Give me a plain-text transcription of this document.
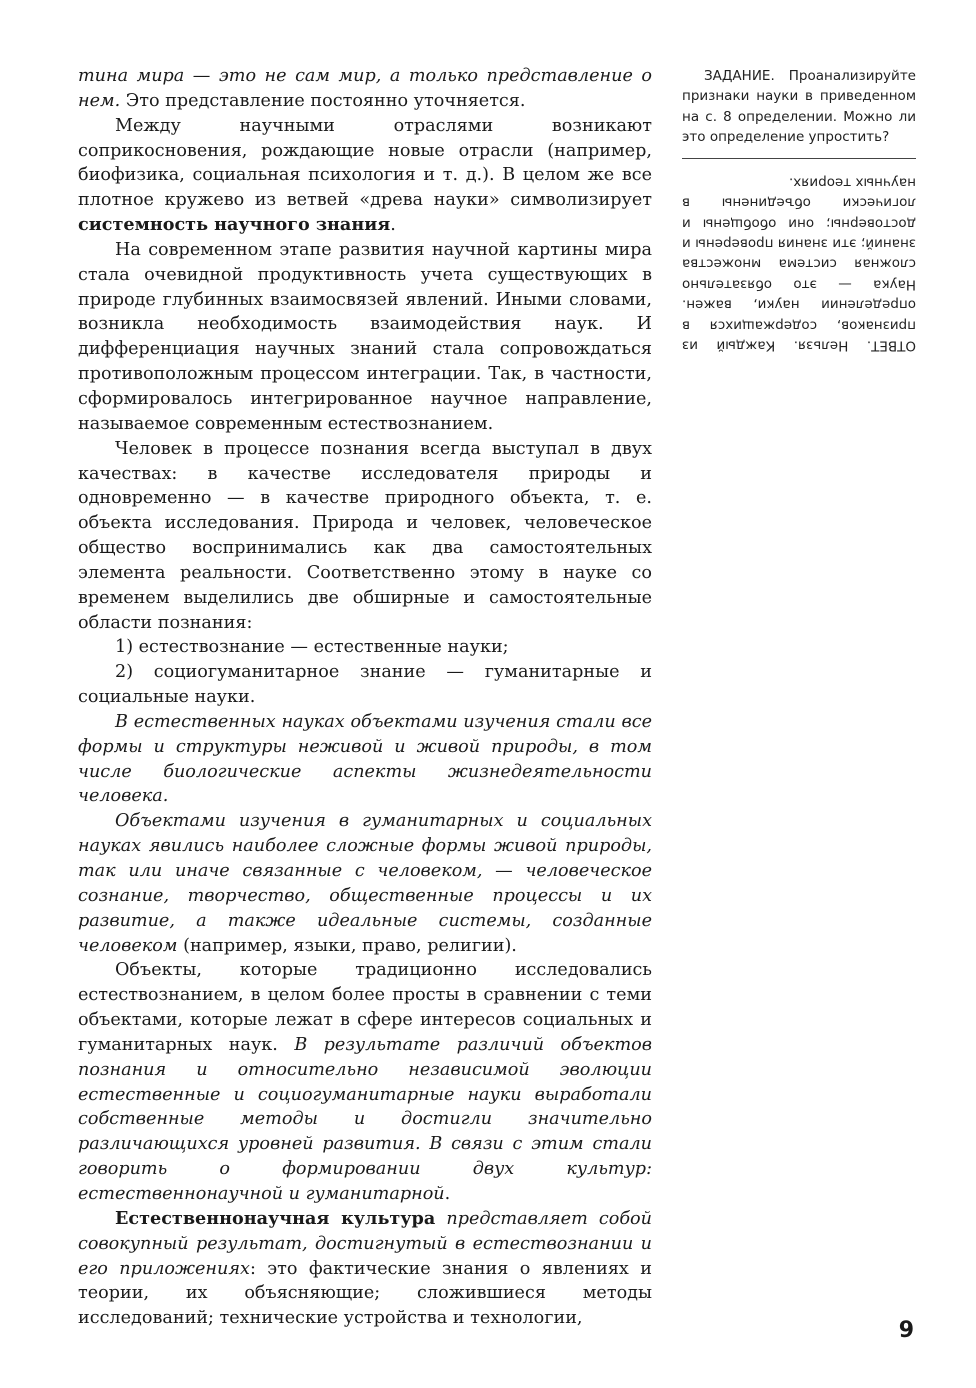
тина мира — это не сам мир, а только представление о нем. Это представление постоянно уточняется.

Между научными отраслями возникают соприкосновения, рождающие новые отрасли (например, биофизика, социальная психология и т. д.). В целом же все плотное кружево из ветвей «древа науки» символизирует системность научного знания.

На современном этапе развития научной картины мира стала очевидной продуктивность учета существующих в природе глубинных взаимосвязей явлений. Иными словами, возникла необходимость взаимодействия наук. И дифференциация научных знаний стала сопровождаться противоположным процессом интеграции. Так, в частности, сформировалось интегрированное научное направление, называемое современным естествознанием.

Человек в процессе познания всегда выступал в двух качествах: в качестве исследователя природы и одновременно — в качестве природного объекта, т. е. объекта исследования. Природа и человек, человеческое общество воспринимались как два самостоятельных элемента реальности. Соответственно этому в науке со временем выделились две обширные и самостоятельные области познания:

1) естествознание — естественные науки;

2) социогуманитарное знание — гуманитарные и социальные науки.

В естественных науках объектами изучения стали все формы и структуры неживой и живой природы, в том числе биологические аспекты жизнедеятельности человека.

Объектами изучения в гуманитарных и социальных науках явились наиболее сложные формы живой природы, так или иначе связанные с человеком, — человеческое сознание, творчество, общественные процессы и их развитие, а также идеальные системы, созданные человеком (например, языки, право, религии).

Объекты, которые традиционно исследовались естествознанием, в целом более просты в сравнении с теми объектами, которые лежат в сфере интересов социальных и гуманитарных наук. В результате различий объектов познания и относительно независимой эволюции естественные и социогуманитарные науки выработали собственные методы и достигли значительно различающихся уровней развития. В связи с этим стали говорить о формировании двух культур: естественнонаучной и гуманитарной.

Естественнонаучная культура представляет собой совокупный результат, достигнутый в естествознании и его приложениях: это фактические знания о явлениях и теории, их объясняющие; сложившиеся методы исследований; технические устройства и технологии,

ЗАДАНИЕ. Проанализируйте признаки науки в приведенном на с. 8 определении. Можно ли это определение упростить?

ОТВЕТ. Нельзя. Каждый из признаков, содержащихся в определении науки, важен. Наука — это обязательно сложная система множества знаний; эти знания проверены и достоверны; они обобщены и логически объединены в научных теориях.

9
